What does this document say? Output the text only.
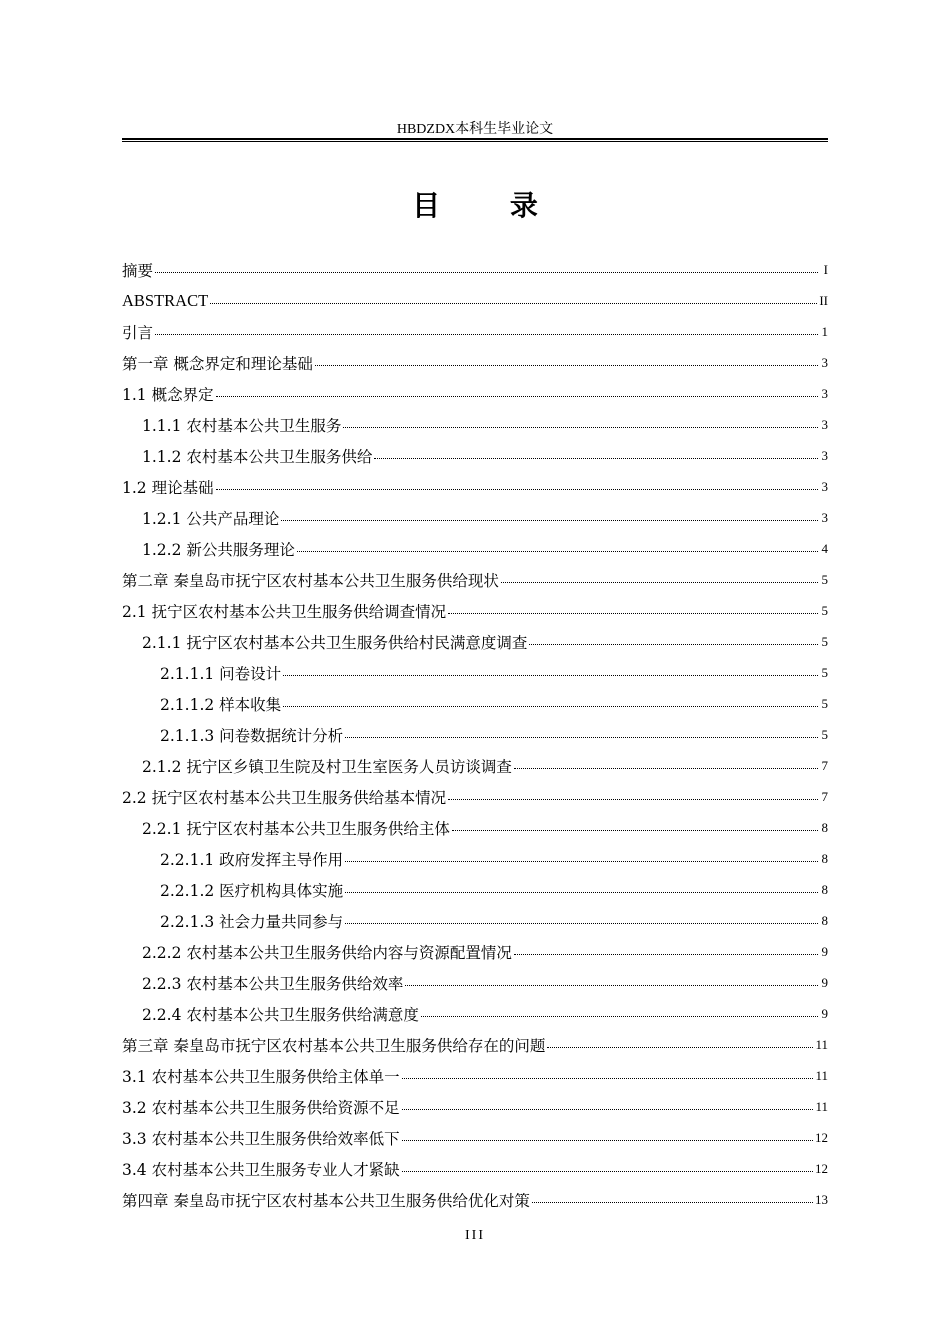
HBDZDX本科生毕业论文
目 录
摘要	I
ABSTRACT	II
引言	1
第一章 概念界定和理论基础	3
1.1 概念界定	3
1.1.1 农村基本公共卫生服务	3
1.1.2 农村基本公共卫生服务供给	3
1.2 理论基础	3
1.2.1 公共产品理论	3
1.2.2 新公共服务理论	4
第二章 秦皇岛市抚宁区农村基本公共卫生服务供给现状	5
2.1 抚宁区农村基本公共卫生服务供给调查情况	5
2.1.1 抚宁区农村基本公共卫生服务供给村民满意度调查	5
2.1.1.1 问卷设计	5
2.1.1.2 样本收集	5
2.1.1.3 问卷数据统计分析	5
2.1.2 抚宁区乡镇卫生院及村卫生室医务人员访谈调查	7
2.2 抚宁区农村基本公共卫生服务供给基本情况	7
2.2.1 抚宁区农村基本公共卫生服务供给主体	8
2.2.1.1 政府发挥主导作用	8
2.2.1.2 医疗机构具体实施	8
2.2.1.3 社会力量共同参与	8
2.2.2 农村基本公共卫生服务供给内容与资源配置情况	9
2.2.3 农村基本公共卫生服务供给效率	9
2.2.4 农村基本公共卫生服务供给满意度	9
第三章 秦皇岛市抚宁区农村基本公共卫生服务供给存在的问题	11
3.1 农村基本公共卫生服务供给主体单一	11
3.2 农村基本公共卫生服务供给资源不足	11
3.3 农村基本公共卫生服务供给效率低下	12
3.4 农村基本公共卫生服务专业人才紧缺	12
第四章 秦皇岛市抚宁区农村基本公共卫生服务供给优化对策	13
III
